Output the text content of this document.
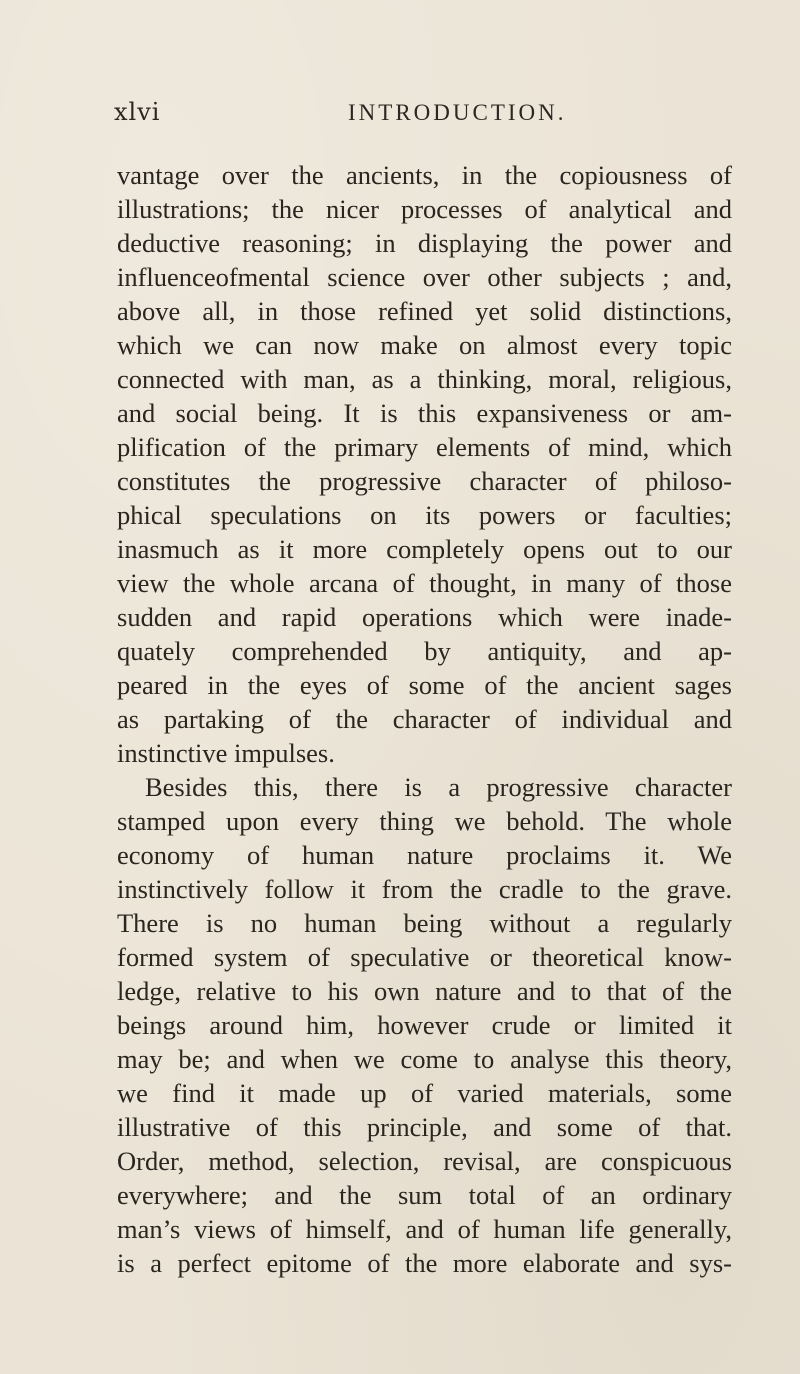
xlvi	INTRODUCTION.
vantage over the ancients, in the copiousness of
illustrations; the nicer processes of analytical and
deductive reasoning; in displaying the power and
influenceofmental science over other subjects ; and,
above all, in those refined yet solid distinctions,
which we can now make on almost every topic
connected with man, as a thinking, moral, religious,
and social being. It is this expansiveness or am-
plification of the primary elements of mind, which
constitutes the progressive character of philoso-
phical speculations on its powers or faculties;
inasmuch as it more completely opens out to our
view the whole arcana of thought, in many of those
sudden and rapid operations which were inade-
quately comprehended by antiquity, and ap-
peared in the eyes of some of the ancient sages
as partaking of the character of individual and
instinctive impulses.
Besides this, there is a progressive character
stamped upon every thing we behold. The whole
economy of human nature proclaims it. We
instinctively follow it from the cradle to the grave.
There is no human being without a regularly
formed system of speculative or theoretical know-
ledge, relative to his own nature and to that of the
beings around him, however crude or limited it
may be; and when we come to analyse this theory,
we find it made up of varied materials, some
illustrative of this principle, and some of that.
Order, method, selection, revisal, are conspicuous
everywhere; and the sum total of an ordinary
man’s views of himself, and of human life generally,
is a perfect epitome of the more elaborate and sys-
